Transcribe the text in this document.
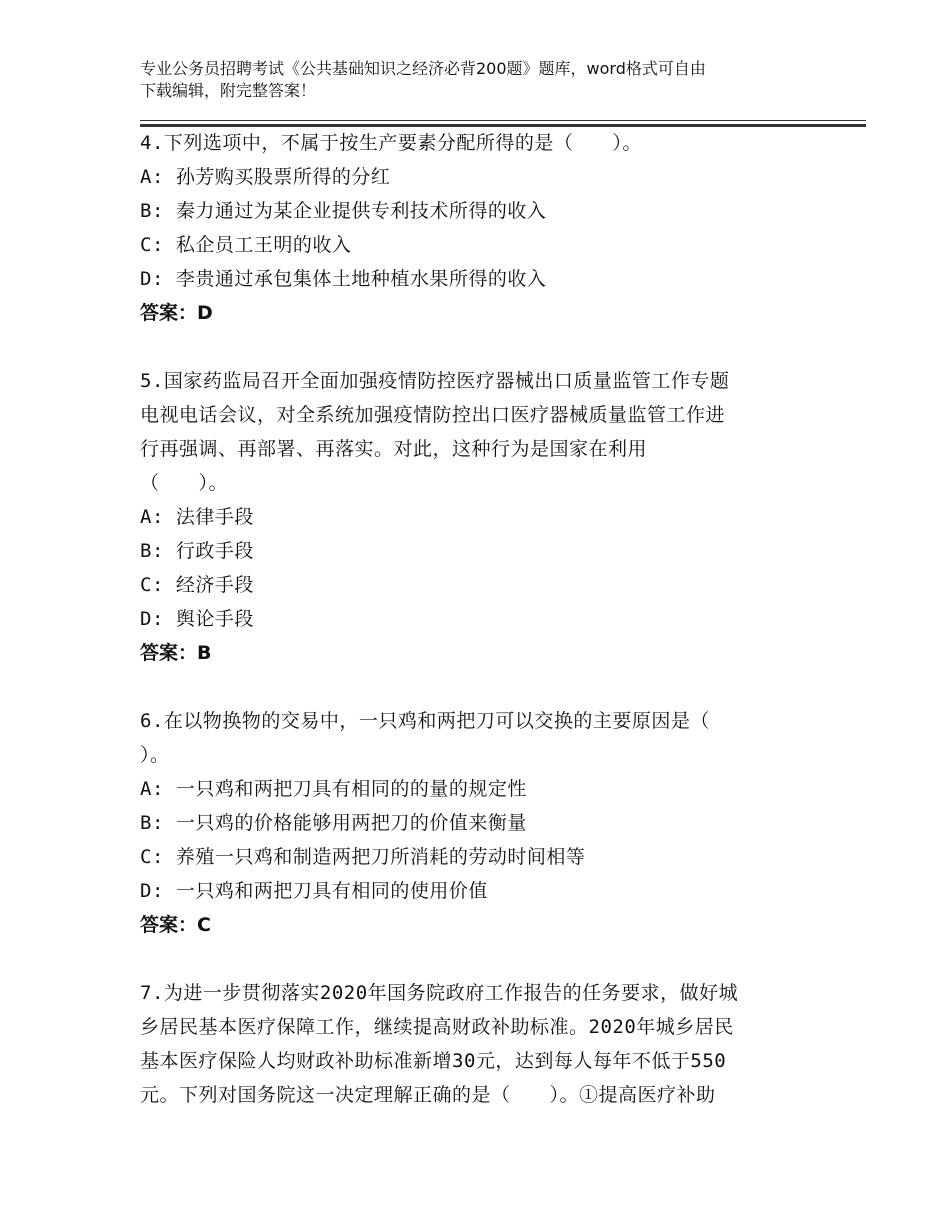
专业公务员招聘考试《公共基础知识之经济必背200题》题库，word格式可自由
下载编辑，附完整答案！

4.下列选项中，不属于按生产要素分配所得的是（　　）。

A: 孙芳购买股票所得的分红

B: 秦力通过为某企业提供专利技术所得的收入

C: 私企员工王明的收入

D: 李贵通过承包集体土地种植水果所得的收入

答案：D

5.国家药监局召开全面加强疫情防控医疗器械出口质量监管工作专题

电视电话会议，对全系统加强疫情防控出口医疗器械质量监管工作进

行再强调、再部署、再落实。对此，这种行为是国家在利用

（　　）。

A: 法律手段

B: 行政手段

C: 经济手段

D: 舆论手段

答案：B

6.在以物换物的交易中，一只鸡和两把刀可以交换的主要原因是（

）。

A: 一只鸡和两把刀具有相同的的量的规定性

B: 一只鸡的价格能够用两把刀的价值来衡量

C: 养殖一只鸡和制造两把刀所消耗的劳动时间相等

D: 一只鸡和两把刀具有相同的使用价值

答案：C

7.为进一步贯彻落实2020年国务院政府工作报告的任务要求，做好城

乡居民基本医疗保障工作，继续提高财政补助标准。2020年城乡居民

基本医疗保险人均财政补助标准新增30元，达到每人每年不低于550

元。下列对国务院这一决定理解正确的是（　　）。①提高医疗补助
